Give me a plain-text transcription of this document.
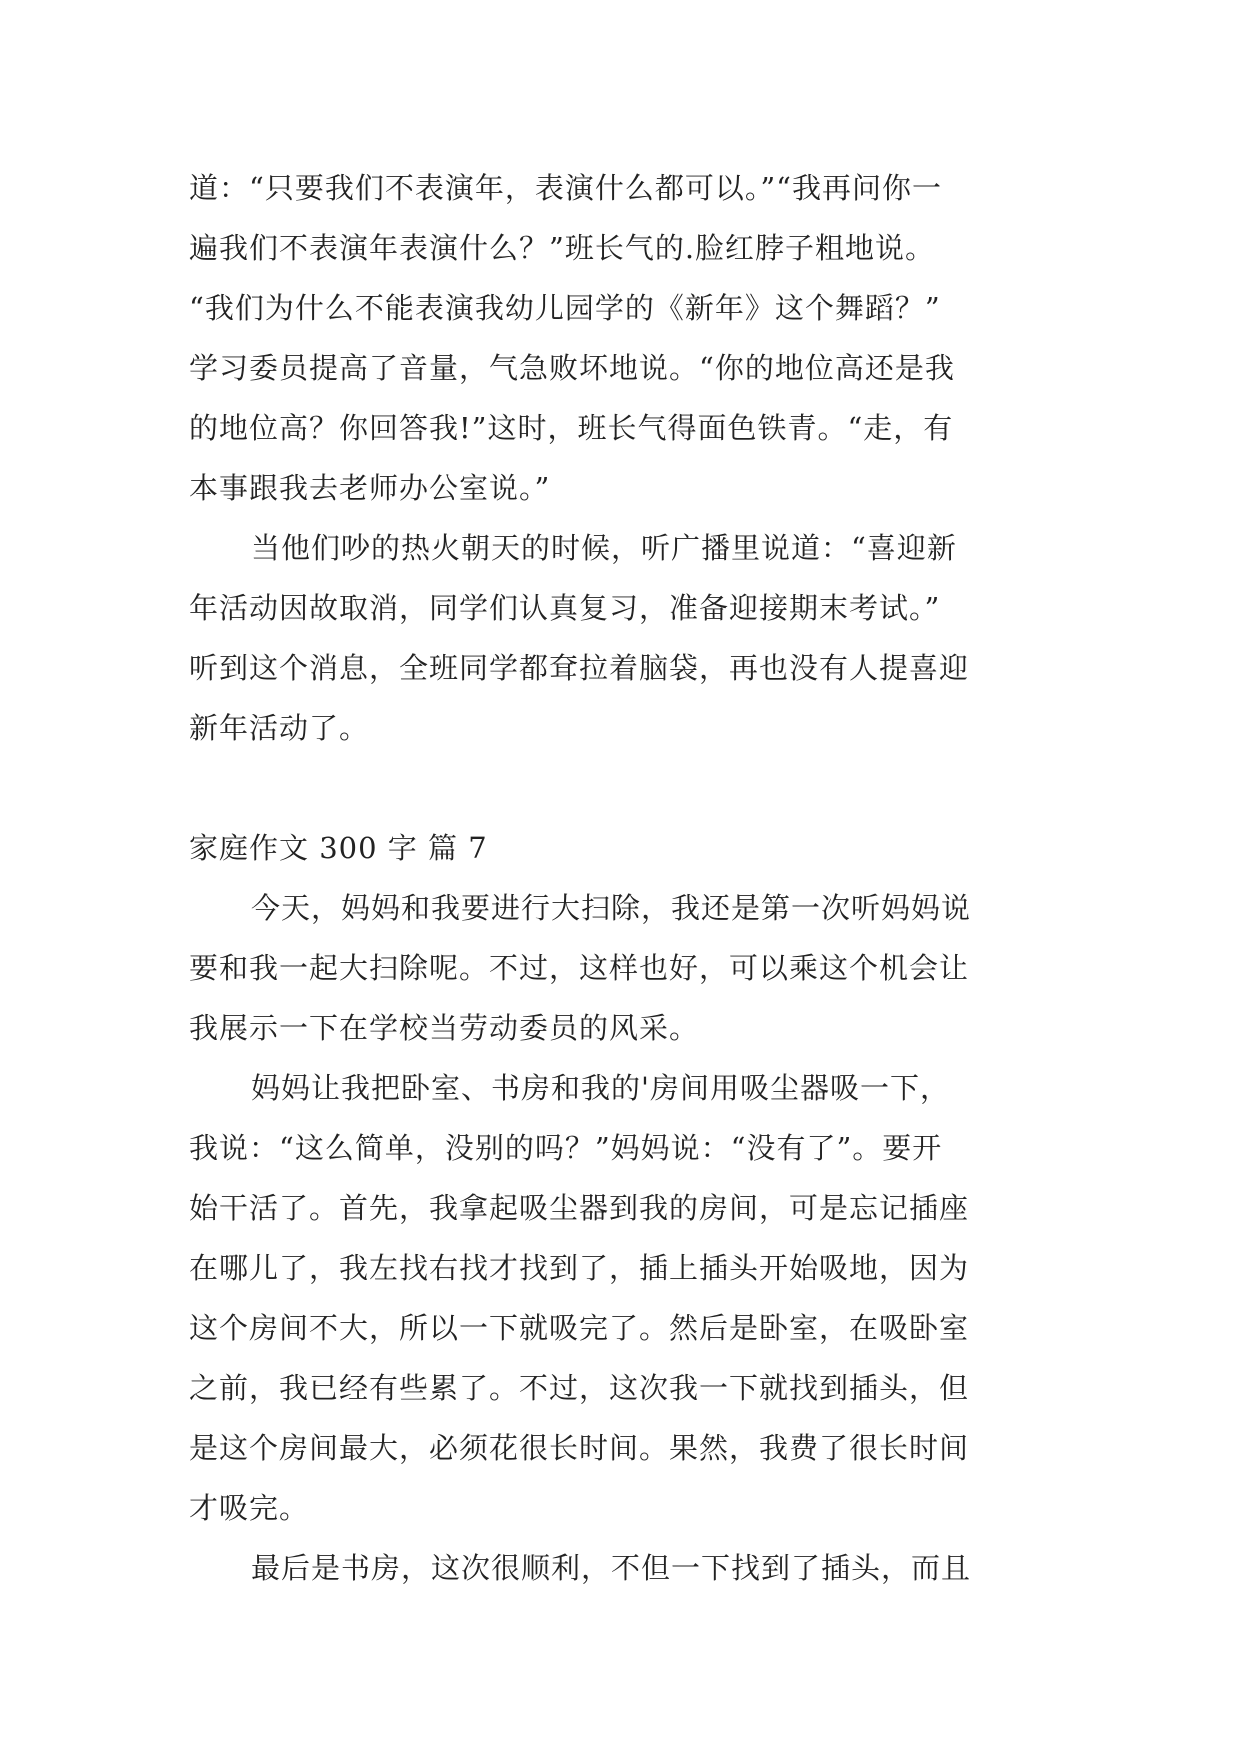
道：“只要我们不表演年，表演什么都可以。”“我再问你一
遍我们不表演年表演什么？”班长气的.脸红脖子粗地说。
“我们为什么不能表演我幼儿园学的《新年》这个舞蹈？”
学习委员提高了音量，气急败坏地说。“你的地位高还是我
的地位高？你回答我!”这时，班长气得面色铁青。“走，有
本事跟我去老师办公室说。”
当他们吵的热火朝天的时候，听广播里说道：“喜迎新
年活动因故取消，同学们认真复习，准备迎接期末考试。”
听到这个消息，全班同学都耷拉着脑袋，再也没有人提喜迎
新年活动了。
家庭作文 300 字 篇 7
今天，妈妈和我要进行大扫除，我还是第一次听妈妈说
要和我一起大扫除呢。不过，这样也好，可以乘这个机会让
我展示一下在学校当劳动委员的风采。
妈妈让我把卧室、书房和我的'房间用吸尘器吸一下，
我说：“这么简单，没别的吗？”妈妈说：“没有了”。要开
始干活了。首先，我拿起吸尘器到我的房间，可是忘记插座
在哪儿了，我左找右找才找到了，插上插头开始吸地，因为
这个房间不大，所以一下就吸完了。然后是卧室，在吸卧室
之前，我已经有些累了。不过，这次我一下就找到插头，但
是这个房间最大，必须花很长时间。果然，我费了很长时间
才吸完。
最后是书房，这次很顺利，不但一下找到了插头，而且
